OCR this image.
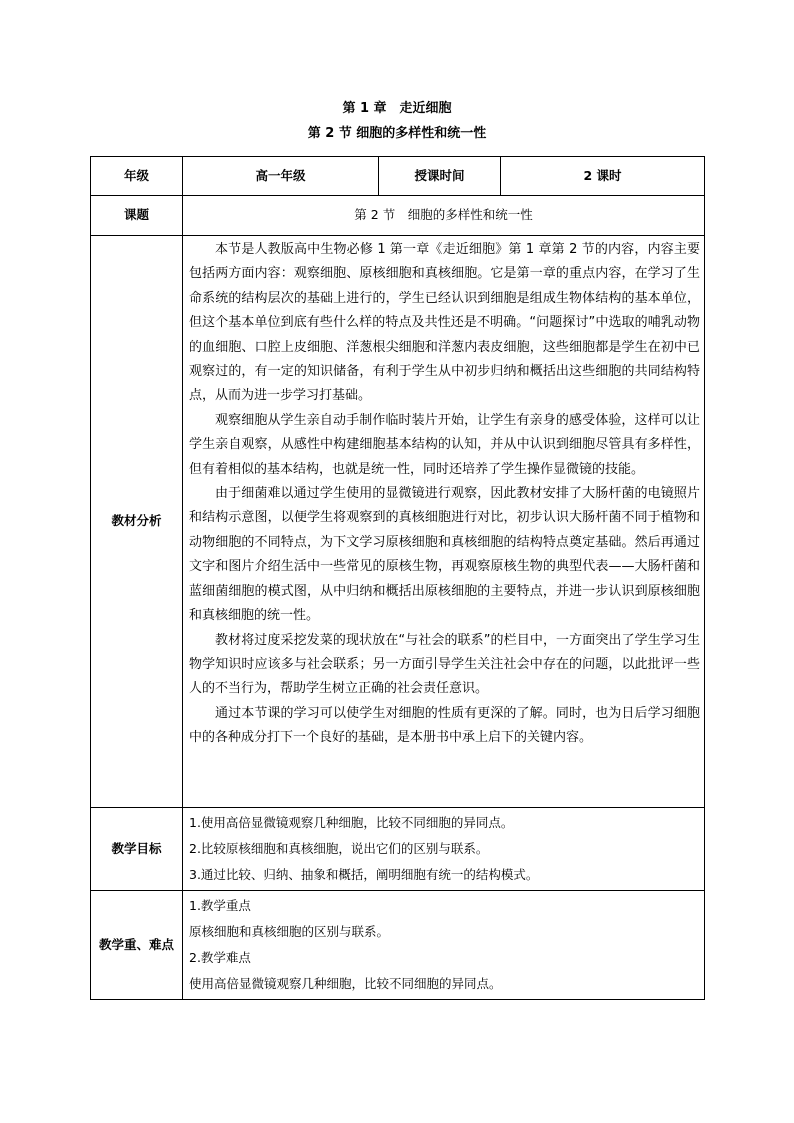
第 1 章　走近细胞
第 2 节 细胞的多样性和统一性
年级	高一年级	授课时间	2 课时
课题	第 2 节　细胞的多样性和统一性		
教材分析	本节是人教版高中生物必修 1 第一章《走近细胞》第 1 章第 2 节的内容，内容主要包括两方面内容：观察细胞、原核细胞和真核细胞。它是第一章的重点内容，在学习了生命系统的结构层次的基础上进行的，学生已经认识到细胞是组成生物体结构的基本单位，但这个基本单位到底有些什么样的特点及共性还是不明确。“问题探讨”中选取的哺乳动物的血细胞、口腔上皮细胞、洋葱根尖细胞和洋葱内表皮细胞，这些细胞都是学生在初中已观察过的，有一定的知识储备，有利于学生从中初步归纳和概括出这些细胞的共同结构特点，从而为进一步学习打基础。

观察细胞从学生亲自动手制作临时装片开始，让学生有亲身的感受体验，这样可以让学生亲自观察，从感性中构建细胞基本结构的认知，并从中认识到细胞尽管具有多样性，但有着相似的基本结构，也就是统一性，同时还培养了学生操作显微镜的技能。

由于细菌难以通过学生使用的显微镜进行观察，因此教材安排了大肠杆菌的电镜照片和结构示意图，以便学生将观察到的真核细胞进行对比，初步认识大肠杆菌不同于植物和动物细胞的不同特点，为下文学习原核细胞和真核细胞的结构特点奠定基础。然后再通过文字和图片介绍生活中一些常见的原核生物，再观察原核生物的典型代表——大肠杆菌和蓝细菌细胞的模式图，从中归纳和概括出原核细胞的主要特点，并进一步认识到原核细胞和真核细胞的统一性。

教材将过度采挖发菜的现状放在“与社会的联系”的栏目中，一方面突出了学生学习生物学知识时应该多与社会联系；另一方面引导学生关注社会中存在的问题，以此批评一些人的不当行为，帮助学生树立正确的社会责任意识。

通过本节课的学习可以使学生对细胞的性质有更深的了解。同时，也为日后学习细胞中的各种成分打下一个良好的基础，是本册书中承上启下的关键内容。		

教学目标	1.使用高倍显微镜观察几种细胞，比较不同细胞的异同点。
2.比较原核细胞和真核细胞，说出它们的区别与联系。
3.通过比较、归纳、抽象和概括，阐明细胞有统一的结构模式。		

教学重、难点	1.教学重点
原核细胞和真核细胞的区别与联系。
2.教学难点
使用高倍显微镜观察几种细胞，比较不同细胞的异同点。		
